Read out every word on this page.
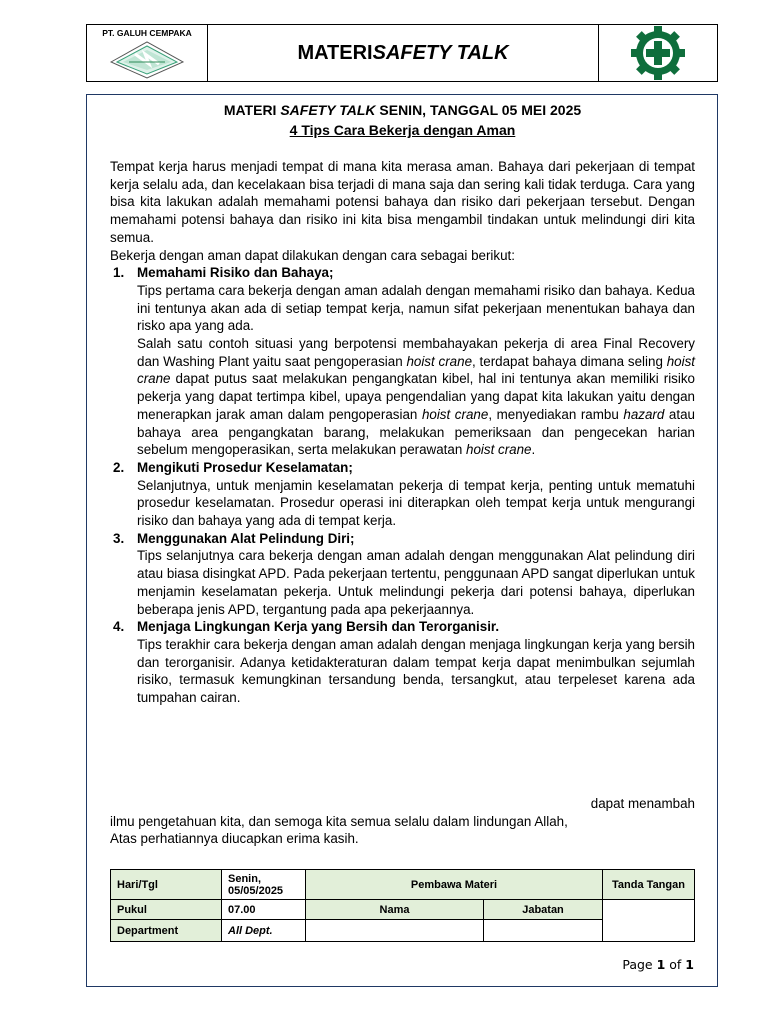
PT. GALUH CEMPAKA
MATERI SAFETY TALK
MATERI SAFETY TALK SENIN, TANGGAL 05 MEI 2025
4 Tips Cara Bekerja dengan Aman

Tempat kerja harus menjadi tempat di mana kita merasa aman. Bahaya dari pekerjaan di tempat kerja selalu ada, dan kecelakaan bisa terjadi di mana saja dan sering kali tidak terduga. Cara yang bisa kita lakukan adalah memahami potensi bahaya dan risiko dari pekerjaan tersebut. Dengan memahami potensi bahaya dan risiko ini kita bisa mengambil tindakan untuk melindungi diri kita semua.

Bekerja dengan aman dapat dilakukan dengan cara sebagai berikut:

1. Memahami Risiko dan Bahaya;

Tips pertama cara bekerja dengan aman adalah dengan memahami risiko dan bahaya. Kedua ini tentunya akan ada di setiap tempat kerja, namun sifat pekerjaan menentukan bahaya dan risko apa yang ada.

Salah satu contoh situasi yang berpotensi membahayakan pekerja di area Final Recovery dan Washing Plant yaitu saat pengoperasian hoist crane, terdapat bahaya dimana seling hoist crane dapat putus saat melakukan pengangkatan kibel, hal ini tentunya akan memiliki risiko pekerja yang dapat tertimpa kibel, upaya pengendalian yang dapat kita lakukan yaitu dengan menerapkan jarak aman dalam pengoperasian hoist crane, menyediakan rambu hazard atau bahaya area pengangkatan barang, melakukan pemeriksaan dan pengecekan harian sebelum mengoperasikan, serta melakukan perawatan hoist crane.

2. Mengikuti Prosedur Keselamatan;

Selanjutnya, untuk menjamin keselamatan pekerja di tempat kerja, penting untuk mematuhi prosedur keselamatan. Prosedur operasi ini diterapkan oleh tempat kerja untuk mengurangi risiko dan bahaya yang ada di tempat kerja.

3. Menggunakan Alat Pelindung Diri;

Tips selanjutnya cara bekerja dengan aman adalah dengan menggunakan Alat pelindung diri atau biasa disingkat APD. Pada pekerjaan tertentu, penggunaan APD sangat diperlukan untuk menjamin keselamatan pekerja. Untuk melindungi pekerja dari potensi bahaya, diperlukan beberapa jenis APD, tergantung pada apa pekerjaannya.

4. Menjaga Lingkungan Kerja yang Bersih dan Terorganisir.

Tips terakhir cara bekerja dengan aman adalah dengan menjaga lingkungan kerja yang bersih dan terorganisir. Adanya ketidakteraturan dalam tempat kerja dapat menimbulkan sejumlah risiko, termasuk kemungkinan tersandung benda, tersangkut, atau terpeleset karena ada tumpahan cairan.

dapat menambah
ilmu pengetahuan kita, dan semoga kita semua selalu dalam lindungan Allah,
Atas perhatiannya diucapkan erima kasih.
Hari/Tgl	Senin, 05/05/2025	Pembawa Materi		Tanda Tangan
Pukul	07.00	Nama	Jabatan	
Department	All Dept.			
Page 1 of 1
